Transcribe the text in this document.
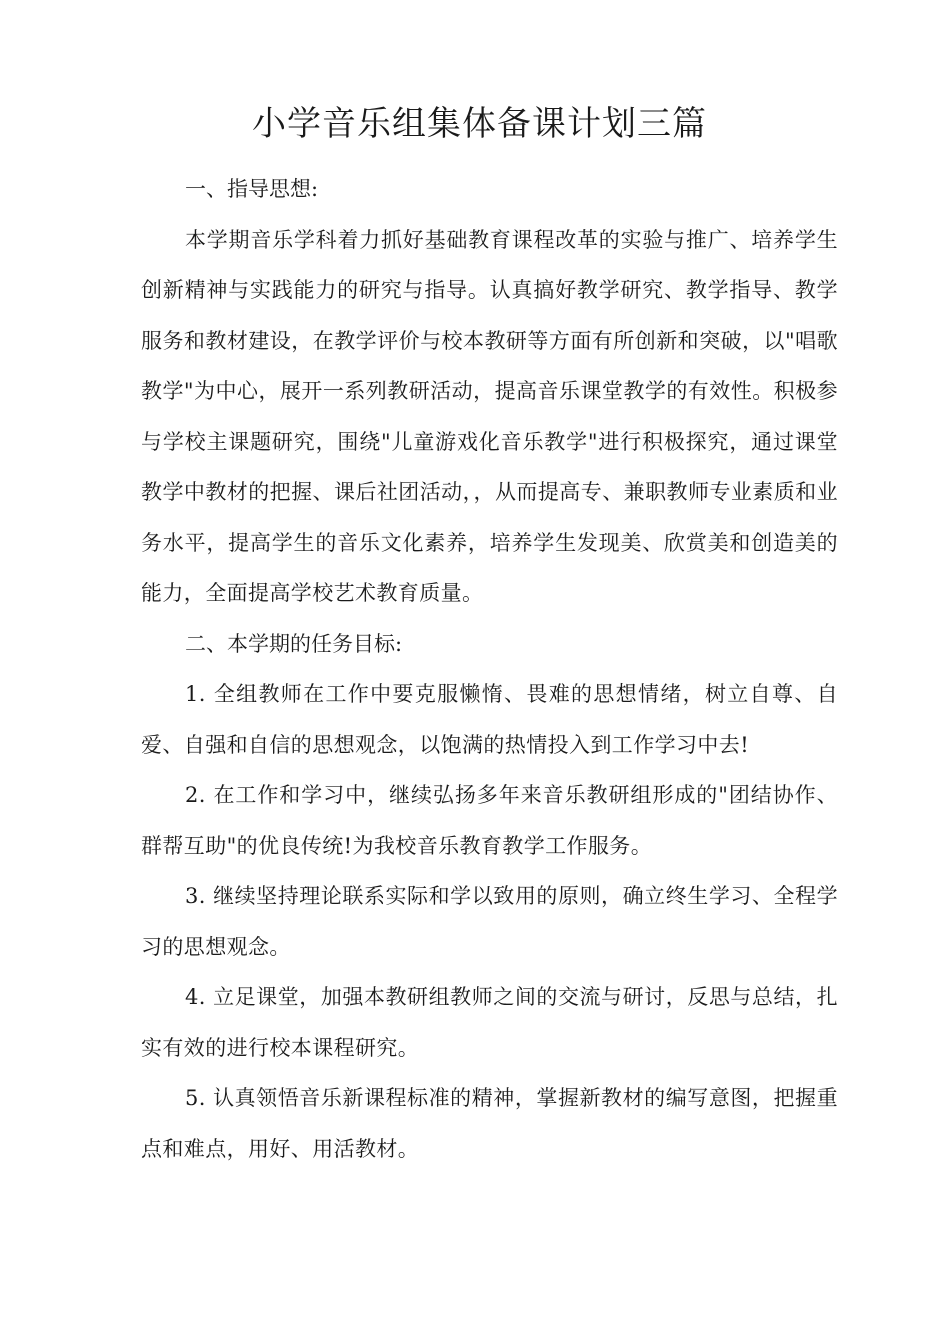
小学音乐组集体备课计划三篇

一、指导思想:

本学期音乐学科着力抓好基础教育课程改革的实验与推广、培养学生创新精神与实践能力的研究与指导。认真搞好教学研究、教学指导、教学服务和教材建设，在教学评价与校本教研等方面有所创新和突破，以"唱歌教学"为中心，展开一系列教研活动，提高音乐课堂教学的有效性。积极参与学校主课题研究，围绕"儿童游戏化音乐教学"进行积极探究，通过课堂教学中教材的把握、课后社团活动，，从而提高专、兼职教师专业素质和业务水平，提高学生的音乐文化素养，培养学生发现美、欣赏美和创造美的能力，全面提高学校艺术教育质量。

二、本学期的任务目标:

1. 全组教师在工作中要克服懒惰、畏难的思想情绪，树立自尊、自爱、自强和自信的思想观念，以饱满的热情投入到工作学习中去!

2. 在工作和学习中，继续弘扬多年来音乐教研组形成的"团结协作、群帮互助"的优良传统!为我校音乐教育教学工作服务。

3. 继续坚持理论联系实际和学以致用的原则，确立终生学习、全程学习的思想观念。

4. 立足课堂，加强本教研组教师之间的交流与研讨，反思与总结，扎实有效的进行校本课程研究。

5. 认真领悟音乐新课程标准的精神，掌握新教材的编写意图，把握重点和难点，用好、用活教材。
